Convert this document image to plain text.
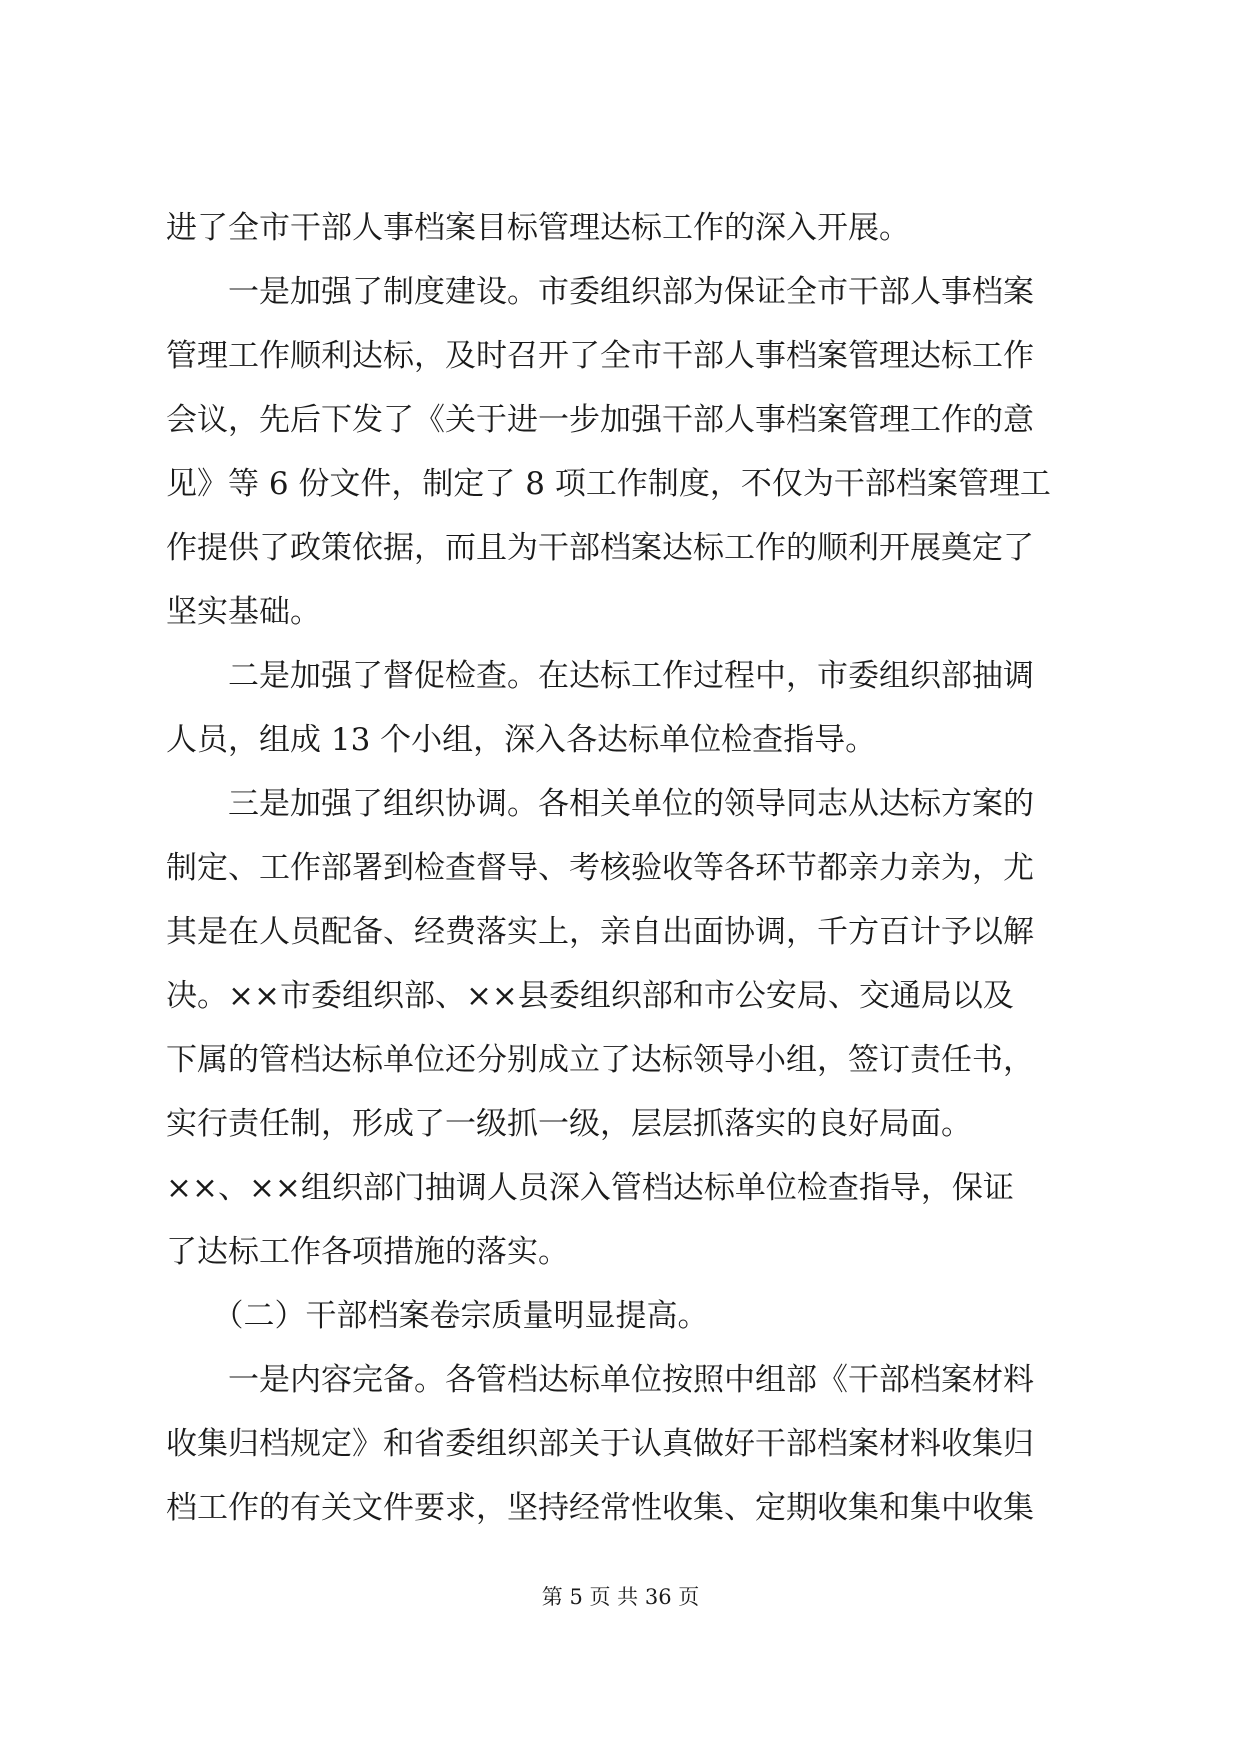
进了全市干部人事档案目标管理达标工作的深入开展。
　　一是加强了制度建设。市委组织部为保证全市干部人事档案
管理工作顺利达标，及时召开了全市干部人事档案管理达标工作
会议，先后下发了《关于进一步加强干部人事档案管理工作的意
见》等 6 份文件，制定了 8 项工作制度，不仅为干部档案管理工
作提供了政策依据，而且为干部档案达标工作的顺利开展奠定了
坚实基础。
　　二是加强了督促检查。在达标工作过程中，市委组织部抽调
人员，组成 13 个小组，深入各达标单位检查指导。
　　三是加强了组织协调。各相关单位的领导同志从达标方案的
制定、工作部署到检查督导、考核验收等各环节都亲力亲为，尤
其是在人员配备、经费落实上，亲自出面协调，千方百计予以解
决。××市委组织部、××县委组织部和市公安局、交通局以及
下属的管档达标单位还分别成立了达标领导小组，签订责任书，
实行责任制，形成了一级抓一级，层层抓落实的良好局面。
××、××组织部门抽调人员深入管档达标单位检查指导，保证
了达标工作各项措施的落实。
　　（二）干部档案卷宗质量明显提高。
　　一是内容完备。各管档达标单位按照中组部《干部档案材料
收集归档规定》和省委组织部关于认真做好干部档案材料收集归
档工作的有关文件要求，坚持经常性收集、定期收集和集中收集
第 5 页 共 36 页
